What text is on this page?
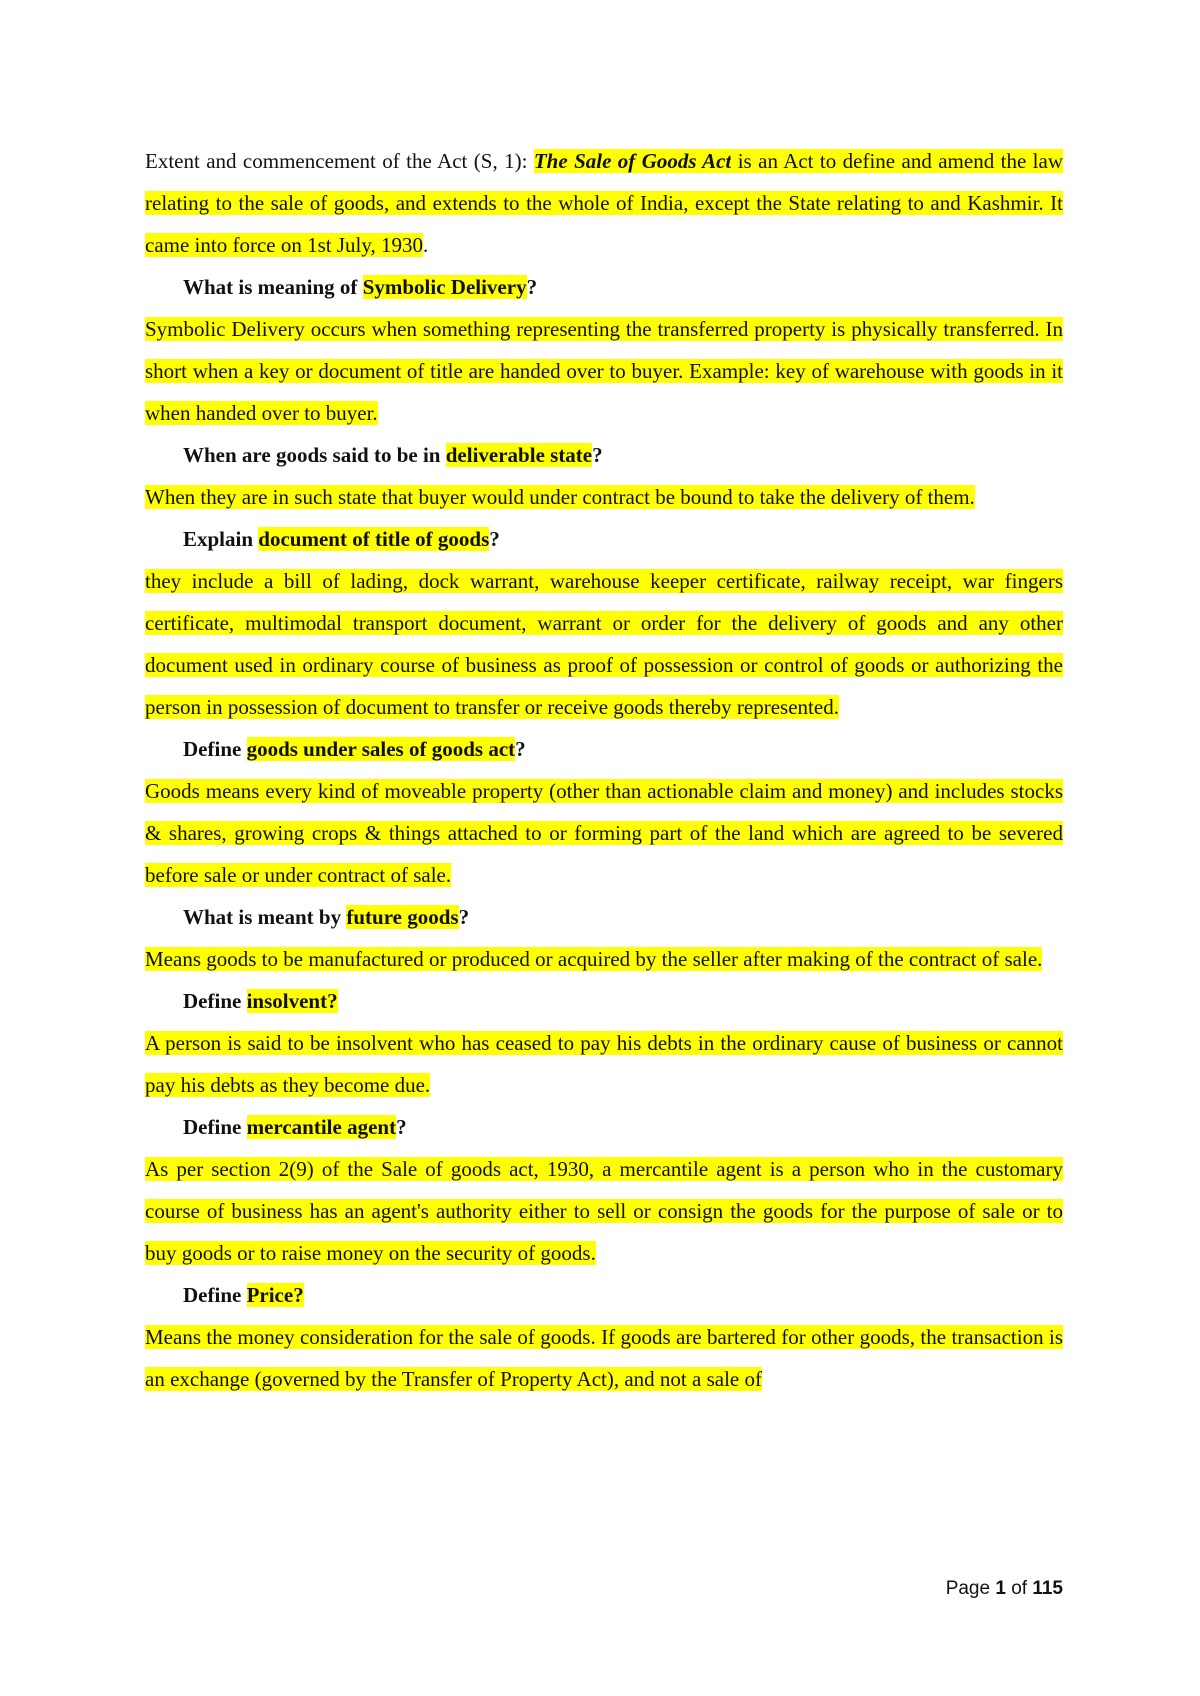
Extent and commencement of the Act (S, 1): The Sale of Goods Act is an Act to define and amend the law relating to the sale of goods, and extends to the whole of India, except the State relating to and Kashmir. It came into force on 1st July, 1930.

What is meaning of Symbolic Delivery?

Symbolic Delivery occurs when something representing the transferred property is physically transferred. In short when a key or document of title are handed over to buyer. Example: key of warehouse with goods in it when handed over to buyer.

When are goods said to be in deliverable state?

When they are in such state that buyer would under contract be bound to take the delivery of them.

Explain document of title of goods?

they include a bill of lading, dock warrant, warehouse keeper certificate, railway receipt, war fingers certificate, multimodal transport document, warrant or order for the delivery of goods and any other document used in ordinary course of business as proof of possession or control of goods or authorizing the person in possession of document to transfer or receive goods thereby represented.

Define goods under sales of goods act?

Goods means every kind of moveable property (other than actionable claim and money) and includes stocks & shares, growing crops & things attached to or forming part of the land which are agreed to be severed before sale or under contract of sale.

What is meant by future goods?

Means goods to be manufactured or produced or acquired by the seller after making of the contract of sale.

Define insolvent?

A person is said to be insolvent who has ceased to pay his debts in the ordinary cause of business or cannot pay his debts as they become due.

Define mercantile agent?

As per section 2(9) of the Sale of goods act, 1930, a mercantile agent is a person who in the customary course of business has an agent's authority either to sell or consign the goods for the purpose of sale or to buy goods or to raise money on the security of goods.

Define Price?

Means the money consideration for the sale of goods. If goods are bartered for other goods, the transaction is an exchange (governed by the Transfer of Property Act), and not a sale of

Page 1 of 115
